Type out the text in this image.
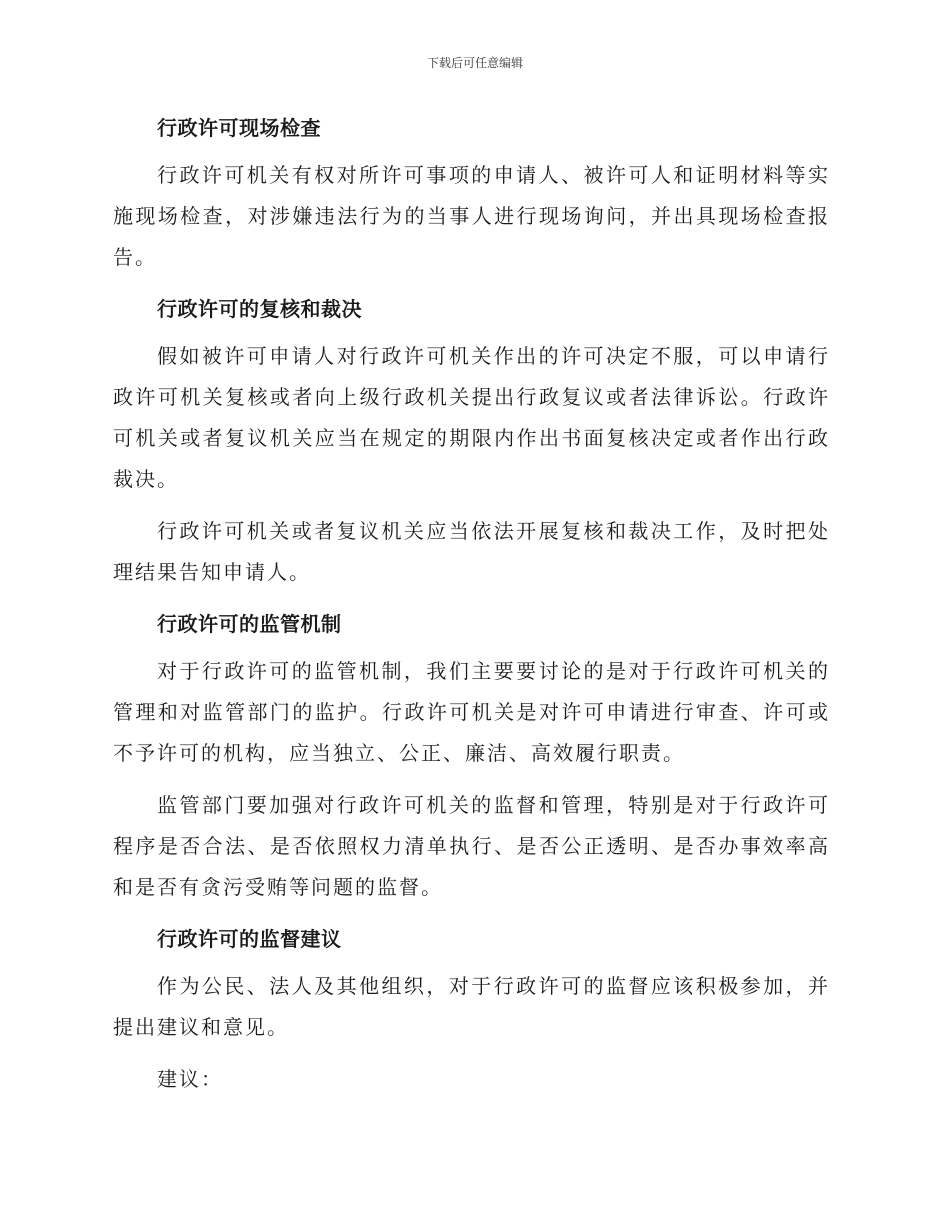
下载后可任意编辑
行政许可现场检查

行政许可机关有权对所许可事项的申请人、被许可人和证明材料等实施现场检查，对涉嫌违法行为的当事人进行现场询问，并出具现场检查报告。

行政许可的复核和裁决

假如被许可申请人对行政许可机关作出的许可决定不服，可以申请行政许可机关复核或者向上级行政机关提出行政复议或者法律诉讼。行政许可机关或者复议机关应当在规定的期限内作出书面复核决定或者作出行政裁决。

行政许可机关或者复议机关应当依法开展复核和裁决工作，及时把处理结果告知申请人。

行政许可的监管机制

对于行政许可的监管机制，我们主要要讨论的是对于行政许可机关的管理和对监管部门的监护。行政许可机关是对许可申请进行审查、许可或不予许可的机构，应当独立、公正、廉洁、高效履行职责。

监管部门要加强对行政许可机关的监督和管理，特别是对于行政许可程序是否合法、是否依照权力清单执行、是否公正透明、是否办事效率高和是否有贪污受贿等问题的监督。

行政许可的监督建议

作为公民、法人及其他组织，对于行政许可的监督应该积极参加，并提出建议和意见。

建议：
